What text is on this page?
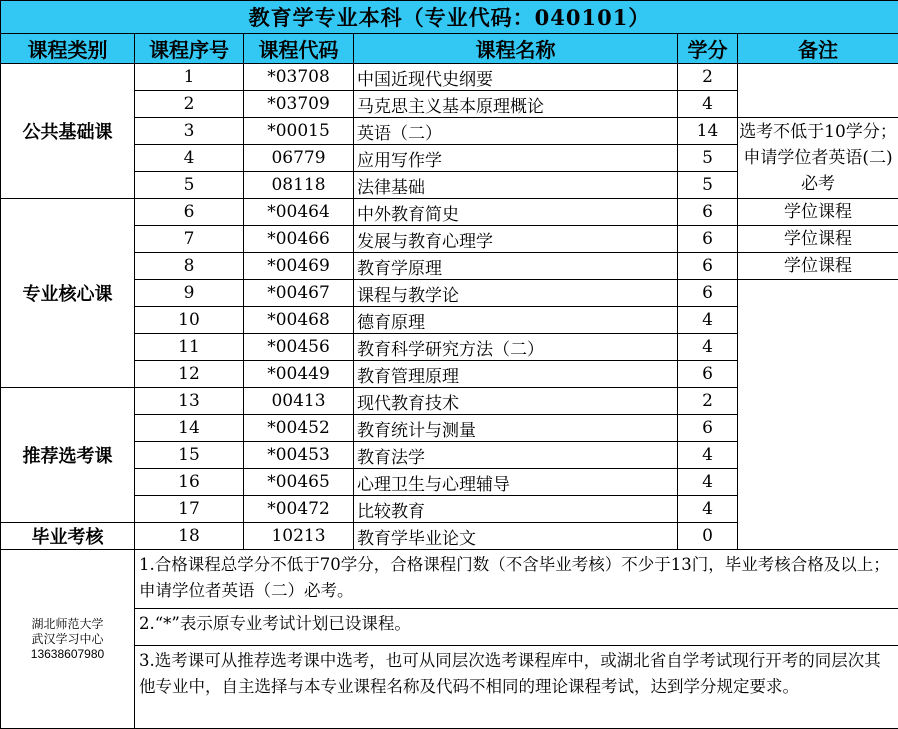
教育学专业本科（专业代码：040101）					
课程类别	课程序号	课程代码	课程名称	学分	备注
公共基础课	1	*03708	中国近现代史纲要	2	
	2	*03709	马克思主义基本原理概论	4	
	3	*00015	英语（二）	14	选考不低于10学分；申请学位者英语(二)必考
	4	06779	应用写作学	5	
	5	08118	法律基础	5	
专业核心课	6	*00464	中外教育简史	6	学位课程
	7	*00466	发展与教育心理学	6	学位课程
	8	*00469	教育学原理	6	学位课程
	9	*00467	课程与教学论	6	
	10	*00468	德育原理	4	
	11	*00456	教育科学研究方法（二）	4	
	12	*00449	教育管理原理	6	
推荐选考课	13	00413	现代教育技术	2	
	14	*00452	教育统计与测量	6	
	15	*00453	教育法学	4	
	16	*00465	心理卫生与心理辅导	4	
	17	*00472	比较教育	4	
毕业考核	18	10213	教育学毕业论文	0	

湖北师范大学
武汉学习中心
13638607980	1.合格课程总学分不低于70学分，合格课程门数（不含毕业考核）不少于13门，毕业考核合格及以上；申请学位者英语（二）必考。				
	2.“*”表示原专业考试计划已设课程。				
	3.选考课可从推荐选考课中选考，也可从同层次选考课程库中，或湖北省自学考试现行开考的同层次其他专业中，自主选择与本专业课程名称及代码不相同的理论课程考试，达到学分规定要求。				
